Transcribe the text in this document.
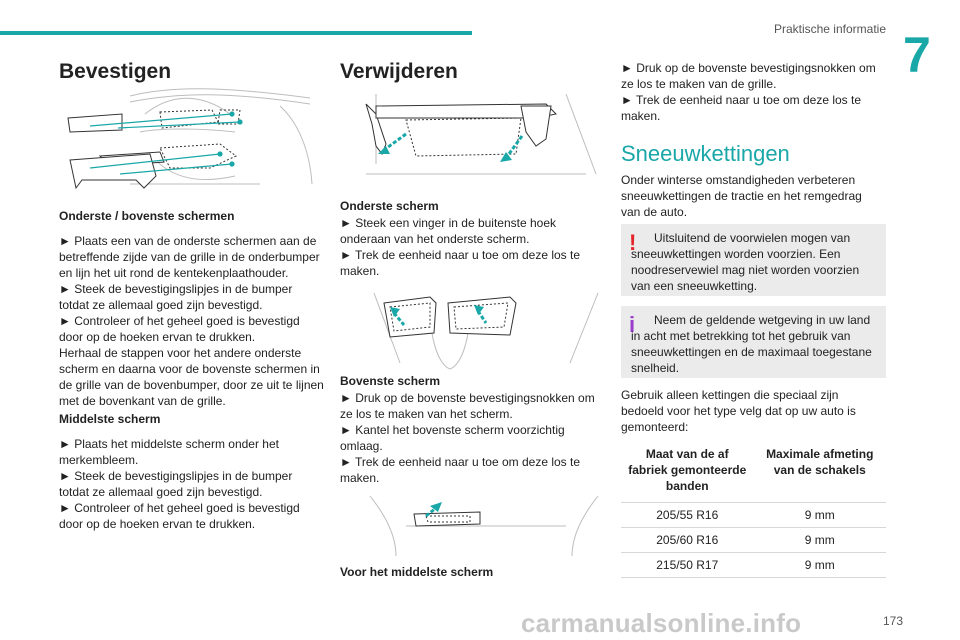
Praktische informatie 7
Bevestigen
Onderste / bovenste schermen

► Plaats een van de onderste schermen aan de betreffende zijde van de grille in de onderbumper en lijn het uit rond de kentekenplaathouder.
► Steek de bevestigingslipjes in de bumper totdat ze allemaal goed zijn bevestigd.
► Controleer of het geheel goed is bevestigd door op de hoeken ervan te drukken.
Herhaal de stappen voor het andere onderste scherm en daarna voor de bovenste schermen in de grille van de bovenbumper, door ze uit te lijnen met de bovenkant van de grille.

Middelste scherm

► Plaats het middelste scherm onder het merkembleem.
► Steek de bevestigingslipjes in de bumper totdat ze allemaal goed zijn bevestigd.
► Controleer of het geheel goed is bevestigd door op de hoeken ervan te drukken.

Verwijderen
Onderste scherm

► Steek een vinger in de buitenste hoek onderaan van het onderste scherm.
► Trek de eenheid naar u toe om deze los te maken.

Bovenste scherm

► Druk op de bovenste bevestigingsnokken om ze los te maken van het scherm.
► Kantel het bovenste scherm voorzichtig omlaag.
► Trek de eenheid naar u toe om deze los te maken.

Voor het middelste scherm

► Druk op de bovenste bevestigingsnokken om ze los te maken van de grille.
► Trek de eenheid naar u toe om deze los te maken.

Sneeuwkettingen

Onder winterse omstandigheden verbeteren sneeuwkettingen de tractie en het remgedrag van de auto.

!	Uitsluitend de voorwielen mogen van sneeuwkettingen worden voorzien. Een noodreservewiel mag niet worden voorzien van een sneeuwketting.
i	Neem de geldende wetgeving in uw land in acht met betrekking tot het gebruik van sneeuwkettingen en de maximaal toegestane snelheid.

Gebruik alleen kettingen die speciaal zijn bedoeld voor het type velg dat op uw auto is gemonteerd:

Maat van de af fabriek gemonteerde banden	Maximale afmeting van de schakels
205/55 R16	9 mm
205/60 R16	9 mm
215/50 R17	9 mm
173
carmanualsonline.info
